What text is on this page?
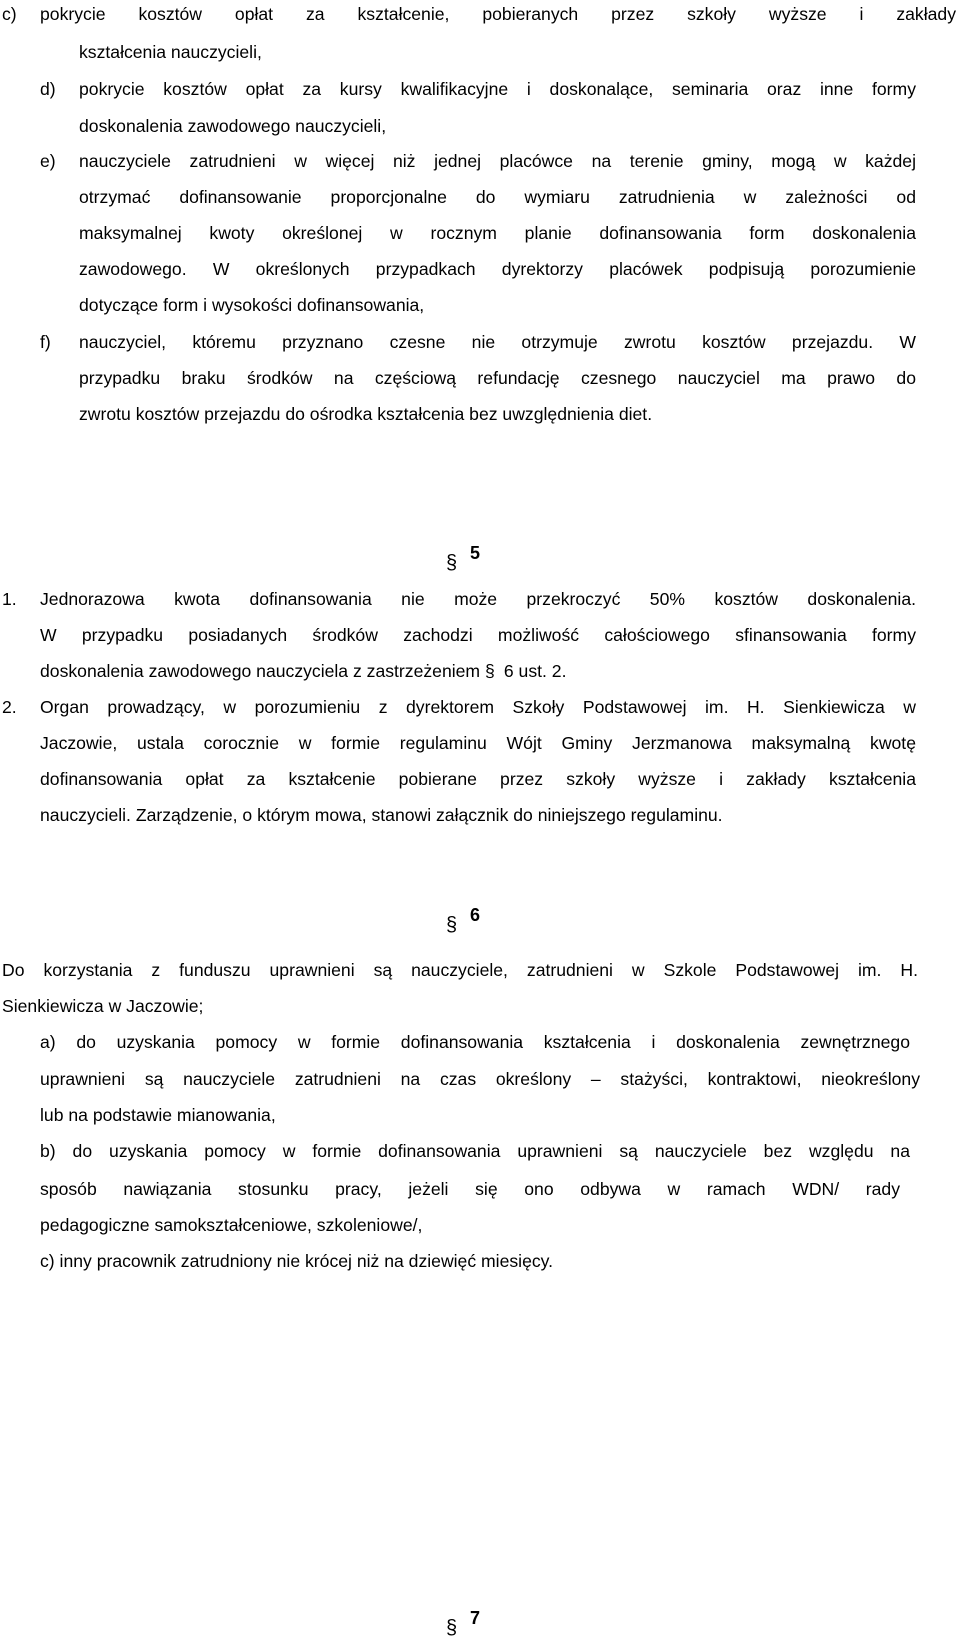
c) pokrycie kosztów opłat za kształcenie, pobieranych przez szkoły wyższe i zakłady
kształcenia nauczycieli,
d) pokrycie kosztów opłat za kursy kwalifikacyjne i doskonalące, seminaria oraz inne formy
doskonalenia zawodowego nauczycieli,
e) nauczyciele zatrudnieni w więcej niż jednej placówce na terenie gminy, mogą w każdej
otrzymać dofinansowanie proporcjonalne do wymiaru zatrudnienia w zależności od
maksymalnej kwoty określonej w rocznym planie dofinansowania form doskonalenia
zawodowego. W określonych przypadkach dyrektorzy placówek podpisują porozumienie
dotyczące form i wysokości dofinansowania,
f) nauczyciel, któremu przyznano czesne nie otrzymuje zwrotu kosztów przejazdu. W
przypadku braku środków na częściową refundację czesnego nauczyciel ma prawo do
zwrotu kosztów przejazdu do ośrodka kształcenia bez uwzględnienia diet.
5
1. Jednorazowa kwota dofinansowania nie może przekroczyć 50% kosztów doskonalenia.
W przypadku posiadanych środków zachodzi możliwość całościowego sfinansowania formy
doskonalenia zawodowego nauczyciela z zastrzeżeniem § 6 ust. 2.
2. Organ prowadzący, w porozumieniu z dyrektorem Szkoły Podstawowej im. H. Sienkiewicza w
Jaczowie, ustala corocznie w formie regulaminu Wójt Gminy Jerzmanowa maksymalną kwotę
dofinansowania opłat za kształcenie pobierane przez szkoły wyższe i zakłady kształcenia
nauczycieli. Zarządzenie, o którym mowa, stanowi załącznik do niniejszego regulaminu.
6
Do korzystania z funduszu uprawnieni są nauczyciele, zatrudnieni w Szkole Podstawowej im. H.
Sienkiewicza w Jaczowie;
a) do uzyskania pomocy w formie dofinansowania kształcenia i doskonalenia zewnętrznego
uprawnieni są nauczyciele zatrudnieni na czas określony – stażyści, kontraktowi, nieokreślony
lub na podstawie mianowania,
b) do uzyskania pomocy w formie dofinansowania uprawnieni są nauczyciele bez względu na
sposób nawiązania stosunku pracy, jeżeli się ono odbywa w ramach WDN/ rady
pedagogiczne samokształceniowe, szkoleniowe/,
c) inny pracownik zatrudniony nie krócej niż na dziewięć miesięcy.
7
